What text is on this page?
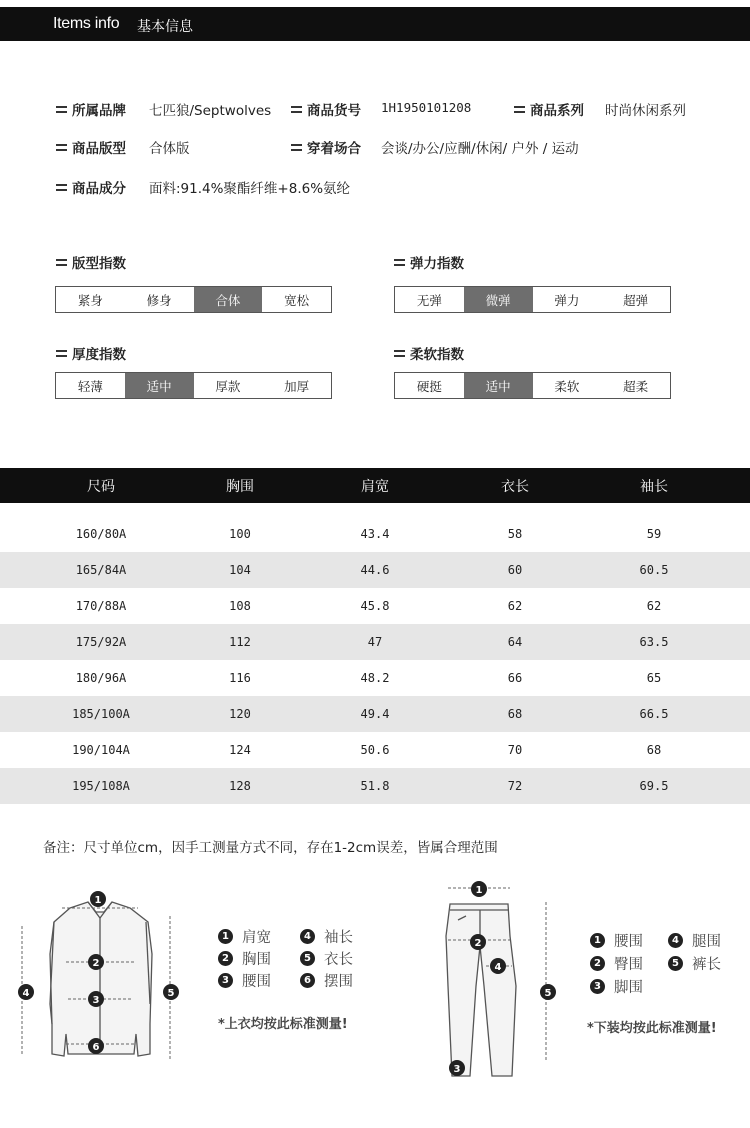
Items info 基本信息
所属品牌 七匹狼/Septwolves	商品货号 1H1950101208	商品系列 时尚休闲系列
商品版型 合体版	穿着场合 会谈/办公/应酬/休闲/ 户外 / 运动
商品成分 面料:91.4%聚酯纤维+8.6%氨纶
版型指数
紧身	修身	合体	宽松
弹力指数
无弹	微弹	弹力	超弹
厚度指数
轻薄	适中	厚款	加厚
柔软指数
硬挺	适中	柔软	超柔
尺码	胸围	肩宽	衣长	袖长
160/80A	100	43.4	58	59
165/84A	104	44.6	60	60.5
170/88A	108	45.8	62	62
175/92A	112	47	64	63.5
180/96A	116	48.2	66	65
185/100A	120	49.4	68	66.5
190/104A	124	50.6	70	68
195/108A	128	51.8	72	69.5
备注：尺寸单位cm，因手工测量方式不同，存在1-2cm误差，皆属合理范围
1
2
3
4	5
6
1 肩宽
2 胸围
3 腰围
4 袖长
5 衣长
6 摆围
*上衣均按此标准测量!
1
2
4
5
3
1 腰围
2 臀围
3 脚围
4 腿围
5 裤长
*下装均按此标准测量!
